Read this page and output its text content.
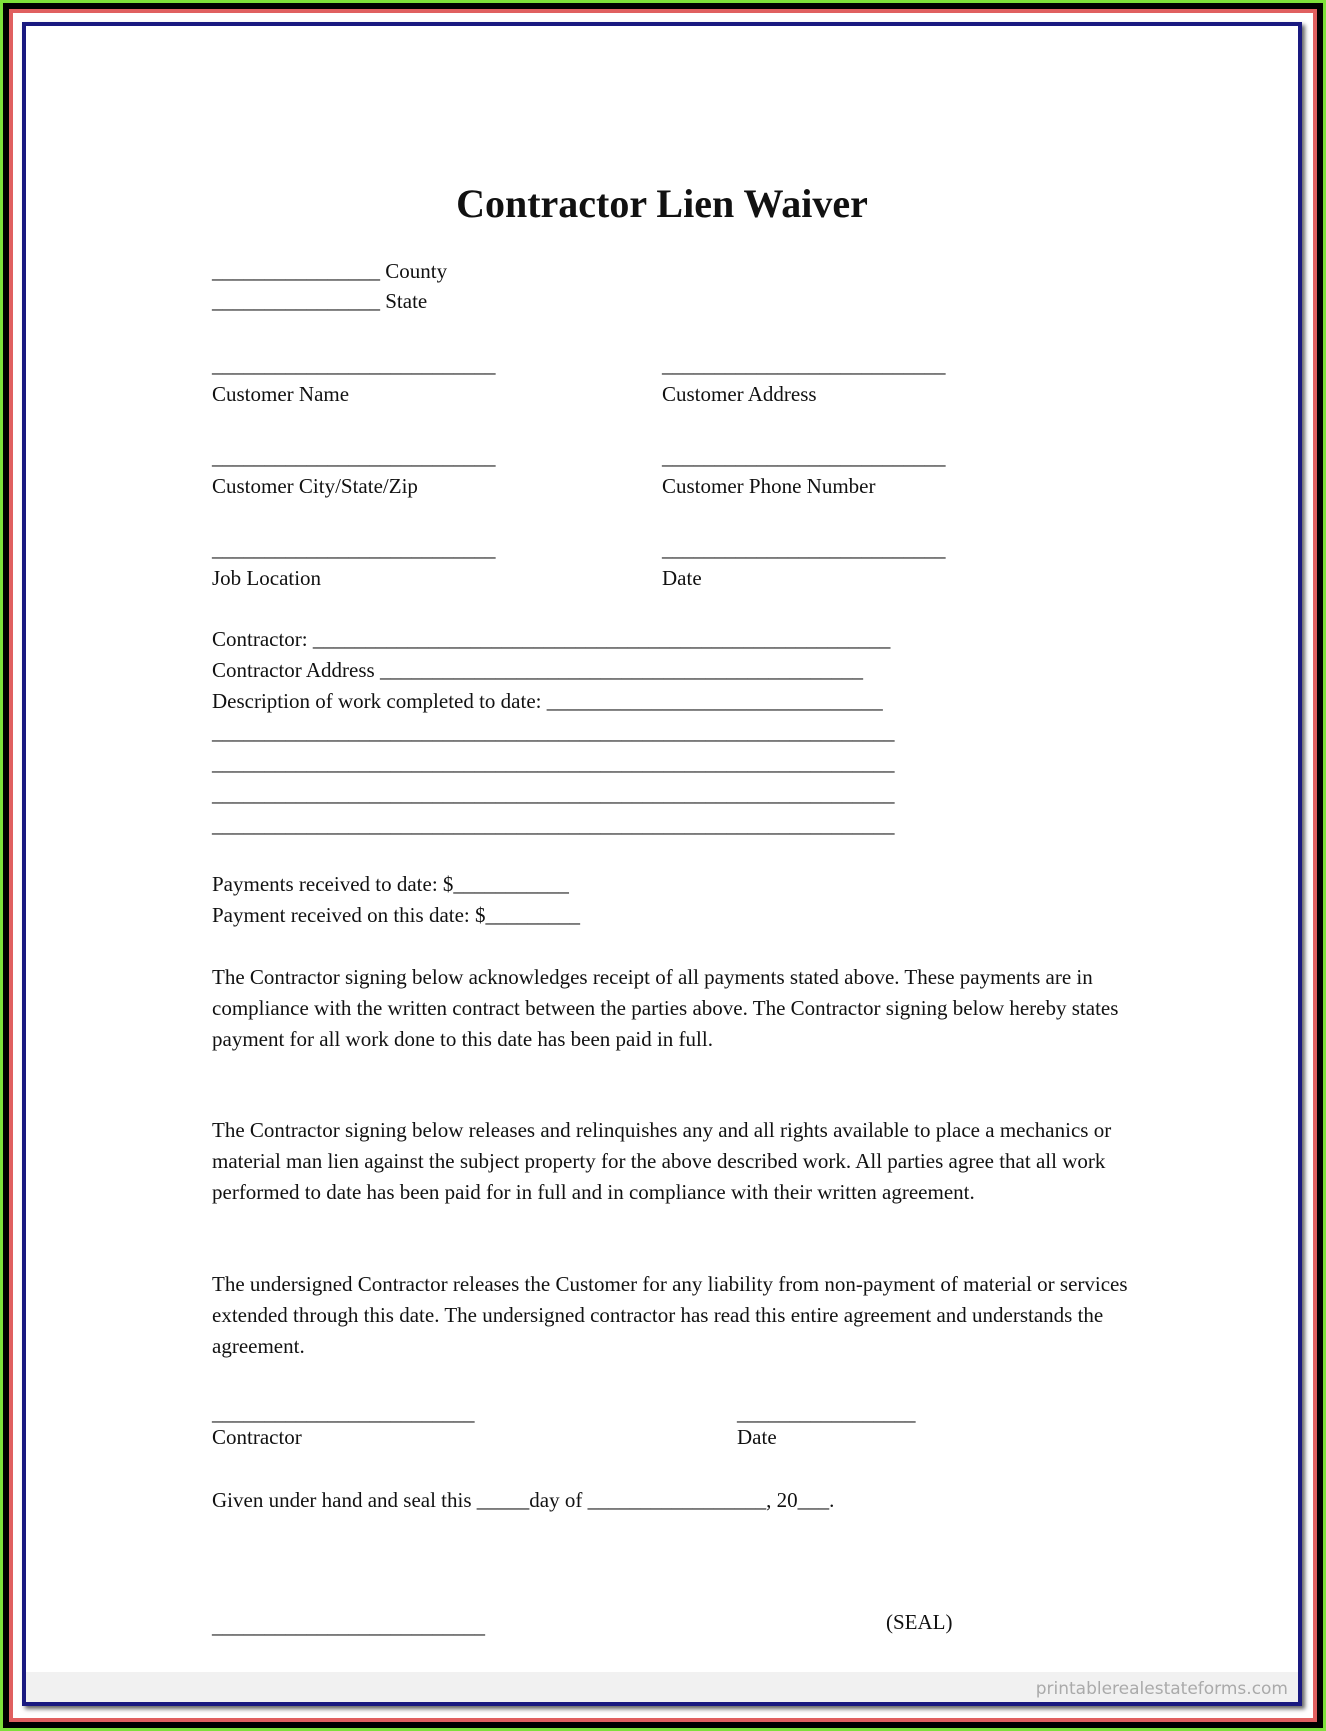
Contractor Lien Waiver

________________ County

________________ State

___________________________

Customer Name

___________________________

Customer Address

___________________________

Customer City/State/Zip

___________________________

Customer Phone Number

___________________________

Job Location

___________________________

Date

Contractor: _______________________________________________________

Contractor Address ______________________________________________

Description of work completed to date: ________________________________

_________________________________________________________________

_________________________________________________________________

_________________________________________________________________

_________________________________________________________________

Payments received to date: $___________

Payment received on this date: $_________

The Contractor signing below acknowledges receipt of all payments stated above. These payments are in compliance with the written contract between the parties above. The Contractor signing below hereby states payment for all work done to this date has been paid in full.

The Contractor signing below releases and relinquishes any and all rights available to place a mechanics or material man lien against the subject property for the above described work. All parties agree that all work performed to date has been paid for in full and in compliance with their written agreement.

The undersigned Contractor releases the Customer for any liability from non-payment of material or services extended through this date. The undersigned contractor has read this entire agreement and understands the agreement.

_________________________

Contractor

_________________

Date

Given under hand and seal this _____day of _________________, 20___.

__________________________	(SEAL)

printablerealestateforms.com
